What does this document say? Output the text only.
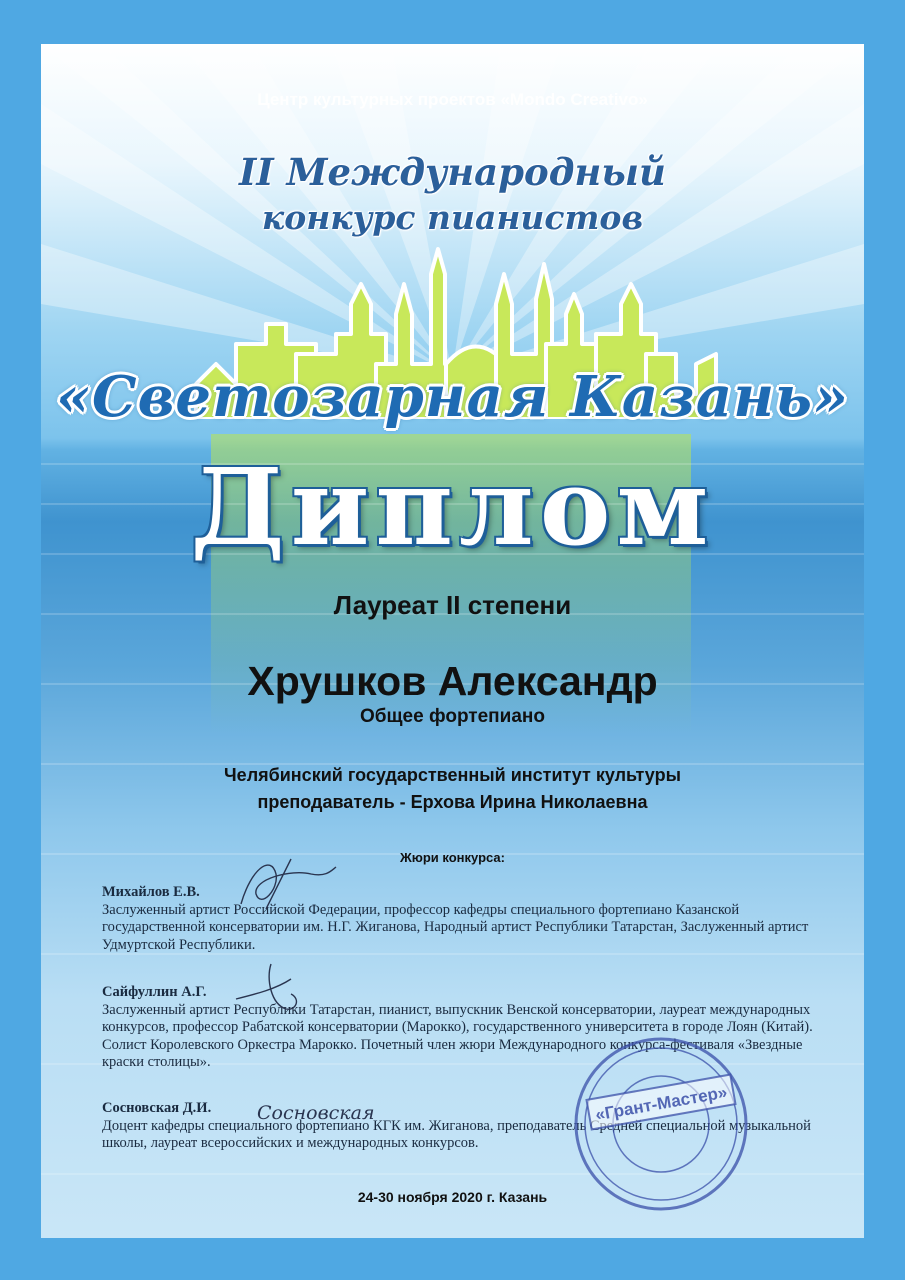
Центр культурных проектов «Mondo Creativo»
II Международный
конкурс пианистов
«Светозарная Казань»
Диплом
Лауреат II степени
Хрушков Александр
Общее фортепиано
Челябинский государственный институт культуры
преподаватель - Ерхова Ирина Николаевна
Жюри конкурса:
Михайлов Е.В.
Заслуженный артист Российской Федерации, профессор кафедры специального фортепиано Казанской государственной консерватории им. Н.Г. Жиганова, Народный артист Республики Татарстан, Заслуженный артист Удмуртской Республики.
Сайфуллин А.Г.
Заслуженный артист Республики Татарстан, пианист, выпускник Венской консерватории, лауреат международных конкурсов, профессор Рабатской консерватории (Марокко), государственного университета в городе Лоян (Китай). Солист Королевского Оркестра Марокко. Почетный член жюри Международного конкурса-фестиваля «Звездные краски столицы».
Сосновская Д.И.
Доцент кафедры специального фортепиано КГК им. Жиганова, преподаватель Средней специальной музыкальной школы, лауреат всероссийских и международных конкурсов.
Сосновская	«Грант-Мастер»
24-30 ноября 2020 г. Казань
